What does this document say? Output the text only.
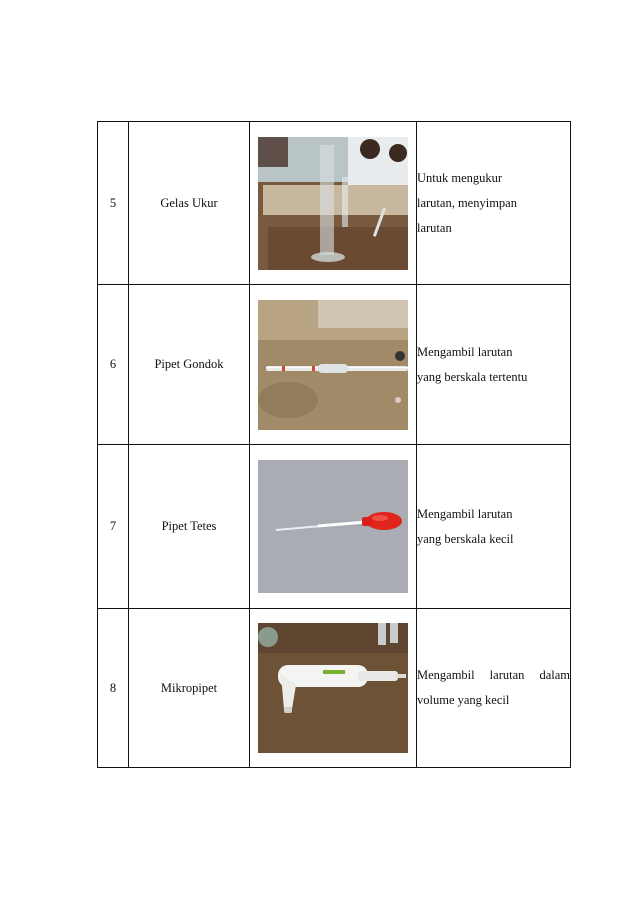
5	Gelas Ukur		Untuk mengukur
larutan, menyimpan
larutan

6	Pipet Gondok		Mengambil larutan
yang berskala tertentu

7	Pipet Tetes		Mengambil larutan
yang berskala kecil

8	Mikropipet		Mengambil larutan dalam
volume yang kecil
